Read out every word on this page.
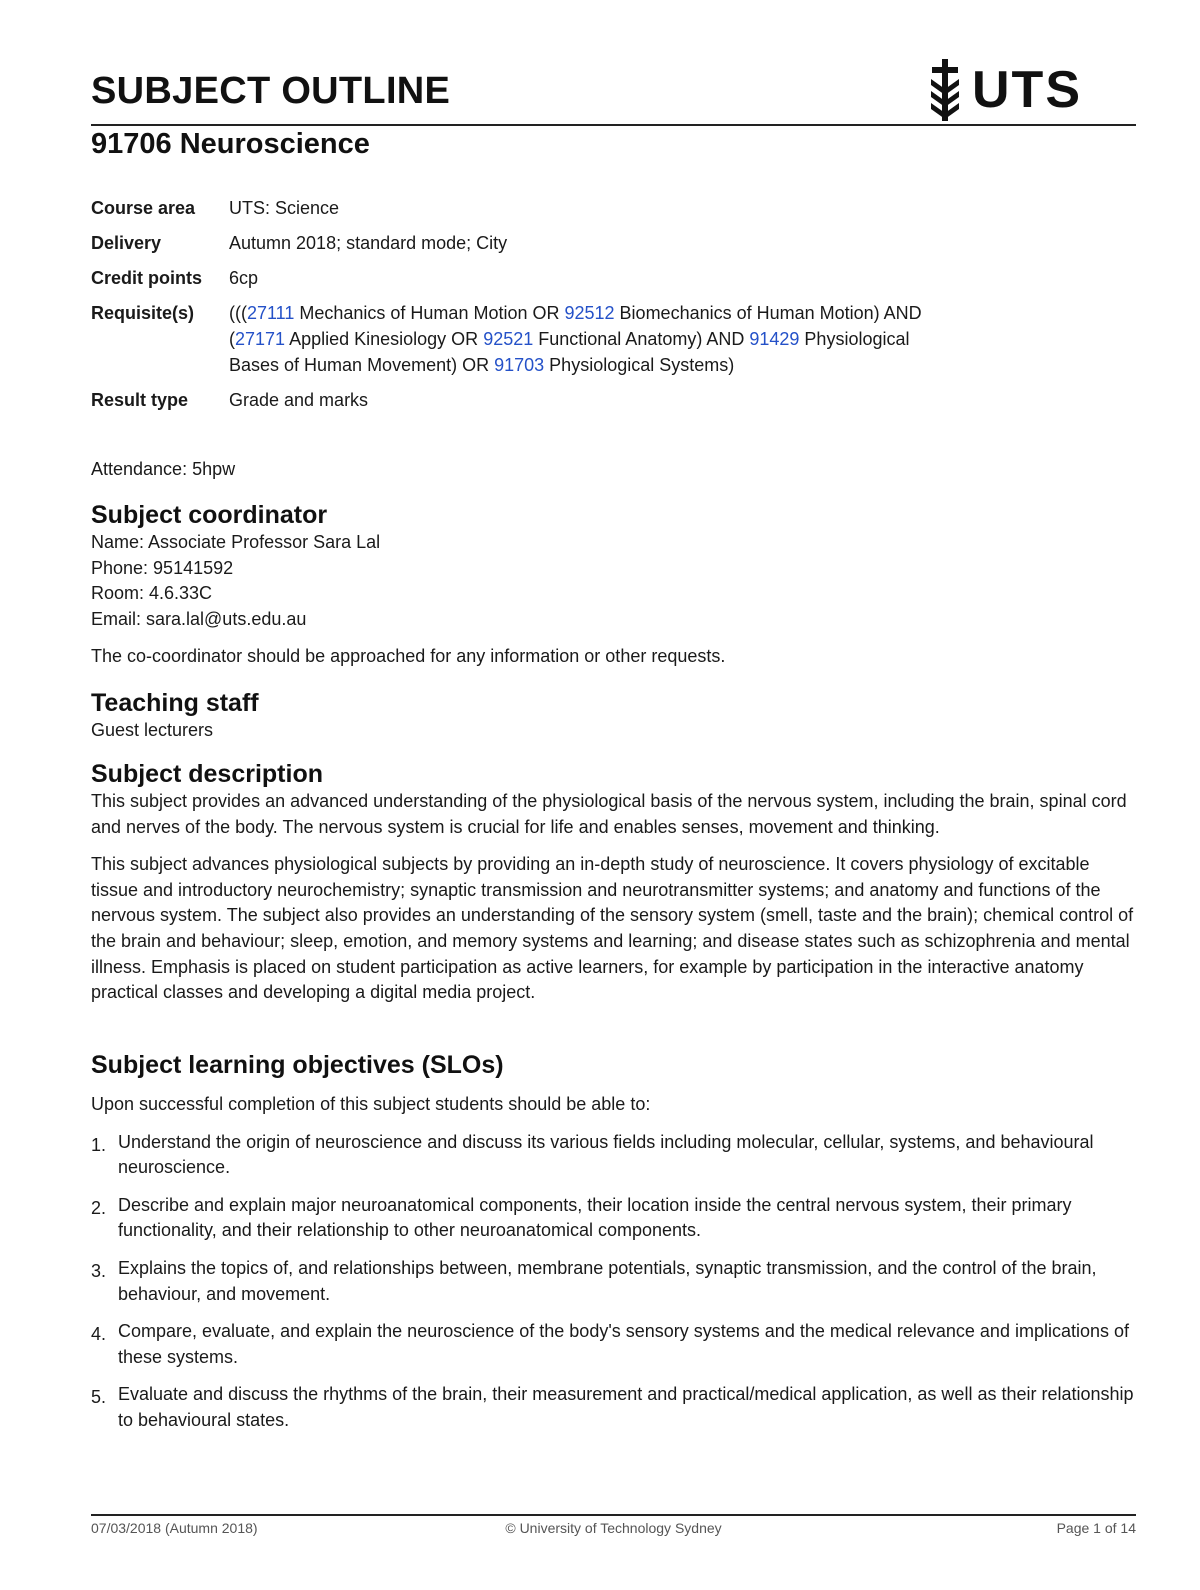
SUBJECT OUTLINE	UTS
91706 Neuroscience
Course area	UTS: Science
Delivery	Autumn 2018; standard mode; City
Credit points	6cp
Requisite(s)	(((27111 Mechanics of Human Motion OR 92512 Biomechanics of Human Motion) AND (27171 Applied Kinesiology OR 92521 Functional Anatomy) AND 91429 Physiological Bases of Human Movement) OR 91703 Physiological Systems)
Result type	Grade and marks
Attendance: 5hpw
Subject coordinator

Name: Associate Professor Sara Lal

Phone: 95141592

Room: 4.6.33C

Email: sara.lal@uts.edu.au

The co-coordinator should be approached for any information or other requests.

Teaching staff

Guest lecturers

Subject description

This subject provides an advanced understanding of the physiological basis of the nervous system, including the brain, spinal cord and nerves of the body. The nervous system is crucial for life and enables senses, movement and thinking.

This subject advances physiological subjects by providing an in-depth study of neuroscience. It covers physiology of excitable tissue and introductory neurochemistry; synaptic transmission and neurotransmitter systems; and anatomy and functions of the nervous system. The subject also provides an understanding of the sensory system (smell, taste and the brain); chemical control of the brain and behaviour; sleep, emotion, and memory systems and learning; and disease states such as schizophrenia and mental illness. Emphasis is placed on student participation as active learners, for example by participation in the interactive anatomy practical classes and developing a digital media project.

Subject learning objectives (SLOs)

Upon successful completion of this subject students should be able to:

1. Understand the origin of neuroscience and discuss its various fields including molecular, cellular, systems, and behavioural neuroscience.
2. Describe and explain major neuroanatomical components, their location inside the central nervous system, their primary functionality, and their relationship to other neuroanatomical components.
3. Explains the topics of, and relationships between, membrane potentials, synaptic transmission, and the control of the brain, behaviour, and movement.
4. Compare, evaluate, and explain the neuroscience of the body's sensory systems and the medical relevance and implications of these systems.
5. Evaluate and discuss the rhythms of the brain, their measurement and practical/medical application, as well as their relationship to behavioural states.
07/03/2018 (Autumn 2018)	© University of Technology Sydney	Page 1 of 14
